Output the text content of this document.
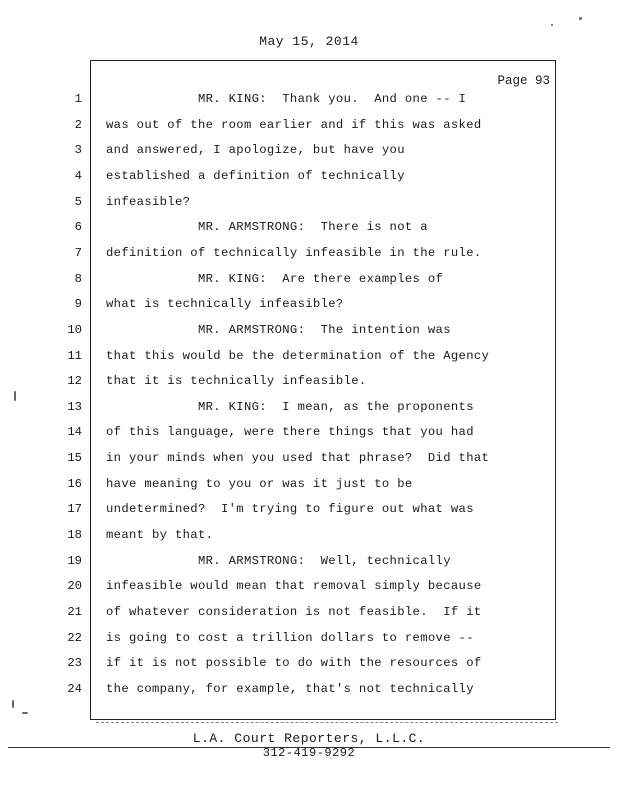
May 15, 2014
Page 93
1 MR. KING:  Thank you.  And one -- I
2 was out of the room earlier and if this was asked
3 and answered, I apologize, but have you
4 established a definition of technically
5 infeasible?
6 MR. ARMSTRONG:  There is not a
7 definition of technically infeasible in the rule.
8 MR. KING:  Are there examples of
9 what is technically infeasible?
10 MR. ARMSTRONG:  The intention was
11 that this would be the determination of the Agency
12 that it is technically infeasible.
13 MR. KING:  I mean, as the proponents
14 of this language, were there things that you had
15 in your minds when you used that phrase?  Did that
16 have meaning to you or was it just to be
17 undetermined?  I'm trying to figure out what was
18 meant by that.
19 MR. ARMSTRONG:  Well, technically
20 infeasible would mean that removal simply because
21 of whatever consideration is not feasible.  If it
22 is going to cost a trillion dollars to remove --
23 if it is not possible to do with the resources of
24 the company, for example, that's not technically
L.A. Court Reporters, L.L.C.
312-419-9292
